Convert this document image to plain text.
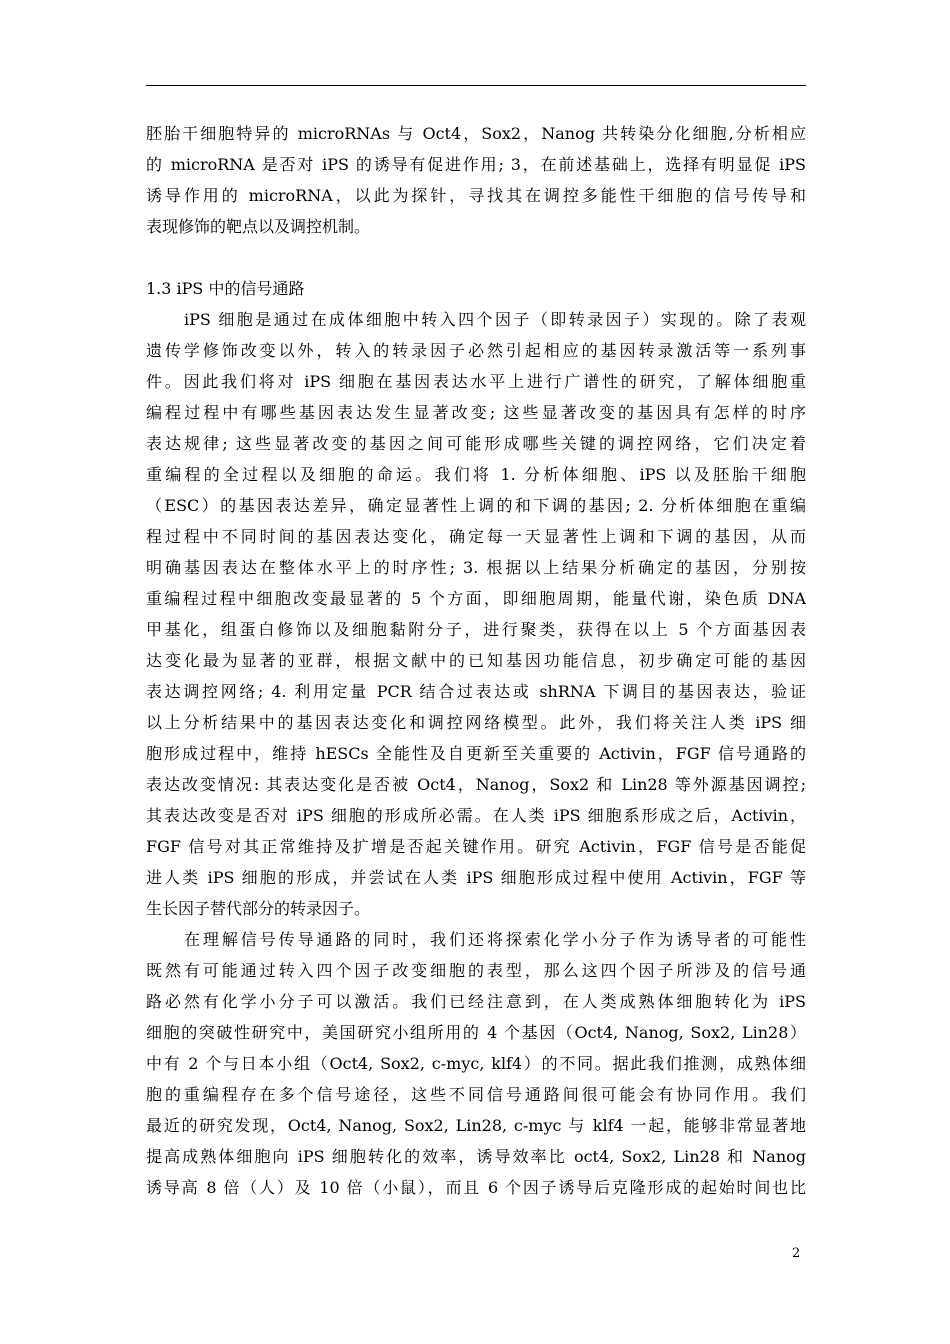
胚胎干细胞特异的 microRNAs 与 Oct4，Sox2，Nanog 共转染分化细胞,分析相应
的 microRNA 是否对 iPS 的诱导有促进作用; 3，在前述基础上，选择有明显促 iPS
诱导作用的 microRNA，以此为探针，寻找其在调控多能性干细胞的信号传导和
表现修饰的靶点以及调控机制。
1.3 iPS 中的信号通路
iPS 细胞是通过在成体细胞中转入四个因子（即转录因子）实现的。除了表观
遗传学修饰改变以外，转入的转录因子必然引起相应的基因转录激活等一系列事
件。因此我们将对 iPS 细胞在基因表达水平上进行广谱性的研究，了解体细胞重
编程过程中有哪些基因表达发生显著改变; 这些显著改变的基因具有怎样的时序
表达规律; 这些显著改变的基因之间可能形成哪些关键的调控网络，它们决定着
重编程的全过程以及细胞的命运。我们将 1. 分析体细胞、iPS 以及胚胎干细胞
（ESC）的基因表达差异，确定显著性上调的和下调的基因; 2. 分析体细胞在重编
程过程中不同时间的基因表达变化，确定每一天显著性上调和下调的基因，从而
明确基因表达在整体水平上的时序性; 3. 根据以上结果分析确定的基因，分别按
重编程过程中细胞改变最显著的 5 个方面，即细胞周期，能量代谢，染色质 DNA
甲基化，组蛋白修饰以及细胞黏附分子，进行聚类，获得在以上 5 个方面基因表
达变化最为显著的亚群，根据文献中的已知基因功能信息，初步确定可能的基因
表达调控网络; 4. 利用定量 PCR 结合过表达或 shRNA 下调目的基因表达，验证
以上分析结果中的基因表达变化和调控网络模型。此外，我们将关注人类 iPS 细
胞形成过程中，维持 hESCs 全能性及自更新至关重要的 Activin，FGF 信号通路的
表达改变情况: 其表达变化是否被 Oct4，Nanog，Sox2 和 Lin28 等外源基因调控;
其表达改变是否对 iPS 细胞的形成所必需。在人类 iPS 细胞系形成之后，Activin，
FGF 信号对其正常维持及扩增是否起关键作用。研究 Activin，FGF 信号是否能促
进人类 iPS 细胞的形成，并尝试在人类 iPS 细胞形成过程中使用 Activin，FGF 等
生长因子替代部分的转录因子。
在理解信号传导通路的同时，我们还将探索化学小分子作为诱导者的可能性
既然有可能通过转入四个因子改变细胞的表型，那么这四个因子所涉及的信号通
路必然有化学小分子可以激活。我们已经注意到，在人类成熟体细胞转化为 iPS
细胞的突破性研究中，美国研究小组所用的 4 个基因（Oct4, Nanog, Sox2, Lin28）
中有 2 个与日本小组（Oct4, Sox2, c-myc, klf4）的不同。据此我们推测，成熟体细
胞的重编程存在多个信号途径，这些不同信号通路间很可能会有协同作用。我们
最近的研究发现，Oct4, Nanog, Sox2, Lin28, c-myc 与 klf4 一起，能够非常显著地
提高成熟体细胞向 iPS 细胞转化的效率，诱导效率比 oct4, Sox2, Lin28 和 Nanog
诱导高 8 倍（人）及 10 倍（小鼠），而且 6 个因子诱导后克隆形成的起始时间也比
2
